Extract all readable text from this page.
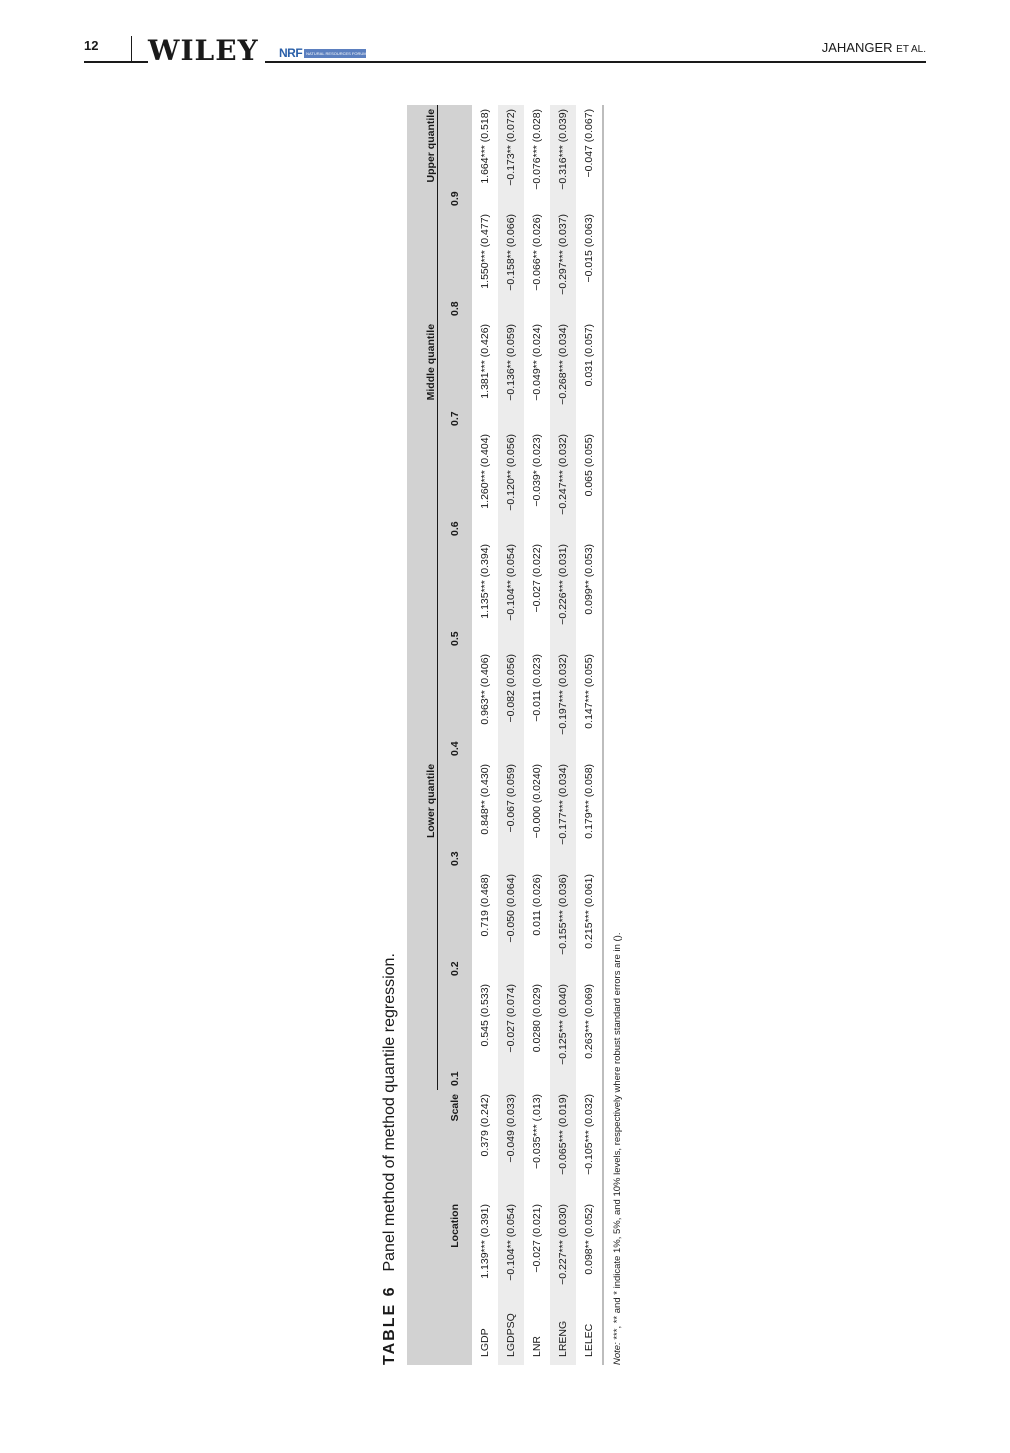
12 WILEY	NRF	NATURAL RESOURCES FORUM	JAHANGER ET AL.
TABLE 6Panel method of method quantile regression.
			Lower quantile				Middle quantile			Upper quantile	
	Location	Scale	0.1	0.2	0.3	0.4	0.5	0.6	0.7	0.8	0.9
LGDP	1.139*** (0.391)	0.379 (0.242)	0.545 (0.533)	0.719 (0.468)	0.848** (0.430)	0.963** (0.406)	1.135*** (0.394)	1.260*** (0.404)	1.381*** (0.426)	1.550*** (0.477)	1.664*** (0.518)
LGDPSQ	−0.104** (0.054)	−0.049 (0.033)	−0.027 (0.074)	−0.050 (0.064)	−0.067 (0.059)	−0.082 (0.056)	−0.104** (0.054)	−0.120** (0.056)	−0.136** (0.059)	−0.158** (0.066)	−0.173** (0.072)
LNR	−0.027 (0.021)	−0.035*** (.013)	0.0280 (0.029)	0.011 (0.026)	−0.000 (0.0240)	−0.011 (0.023)	−0.027 (0.022)	−0.039* (0.023)	−0.049** (0.024)	−0.066** (0.026)	−0.076*** (0.028)
LRENG	−0.227*** (0.030)	−0.065*** (0.019)	−0.125*** (0.040)	−0.155*** (0.036)	−0.177*** (0.034)	−0.197*** (0.032)	−0.226*** (0.031)	−0.247*** (0.032)	−0.268*** (0.034)	−0.297*** (0.037)	−0.316*** (0.039)
LELEC	0.098** (0.052)	−0.105*** (0.032)	0.263*** (0.069)	0.215*** (0.061)	0.179*** (0.058)	0.147*** (0.055)	0.099** (0.053)	0.065 (0.055)	0.031 (0.057)	−0.015 (0.063)	−0.047 (0.067)
Note: ***, ** and * indicate 1%, 5%, and 10% levels, respectively where robust standard errors are in ().
